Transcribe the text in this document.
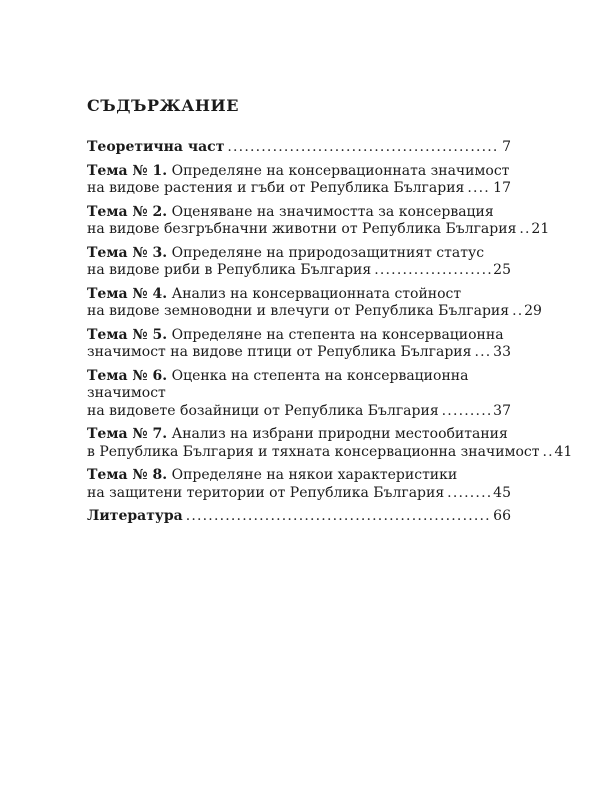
СЪДЪРЖАНИЕ
Теоретична част .....	7
Тема № 1. Определяне на консервационната значимост
на видове растения и гъби от Република България ..... 17
Тема № 2. Оценяване на значимостта за консервация
на видове безгръбначни животни от Република България ..... 21
Тема № 3. Определяне на природозащитният статус
на видове риби в Република България .....	25
Тема № 4. Анализ на консервационната стойност
на видове земноводни и влечуги от Република България ..... 29
Тема № 5. Определяне на степента на консервационна
значимост на видове птици от Република България ..... 33
Тема № 6. Оценка на степента на консервационна значимост
на видовете бозайници от Република България .....	37
Тема № 7. Анализ на избрани природни местообитания
в Република България и тяхната консервационна значимост ..... 41
Тема № 8. Определяне на някои характеристики
на защитени територии от Република България .....	45
Литература .....	66
